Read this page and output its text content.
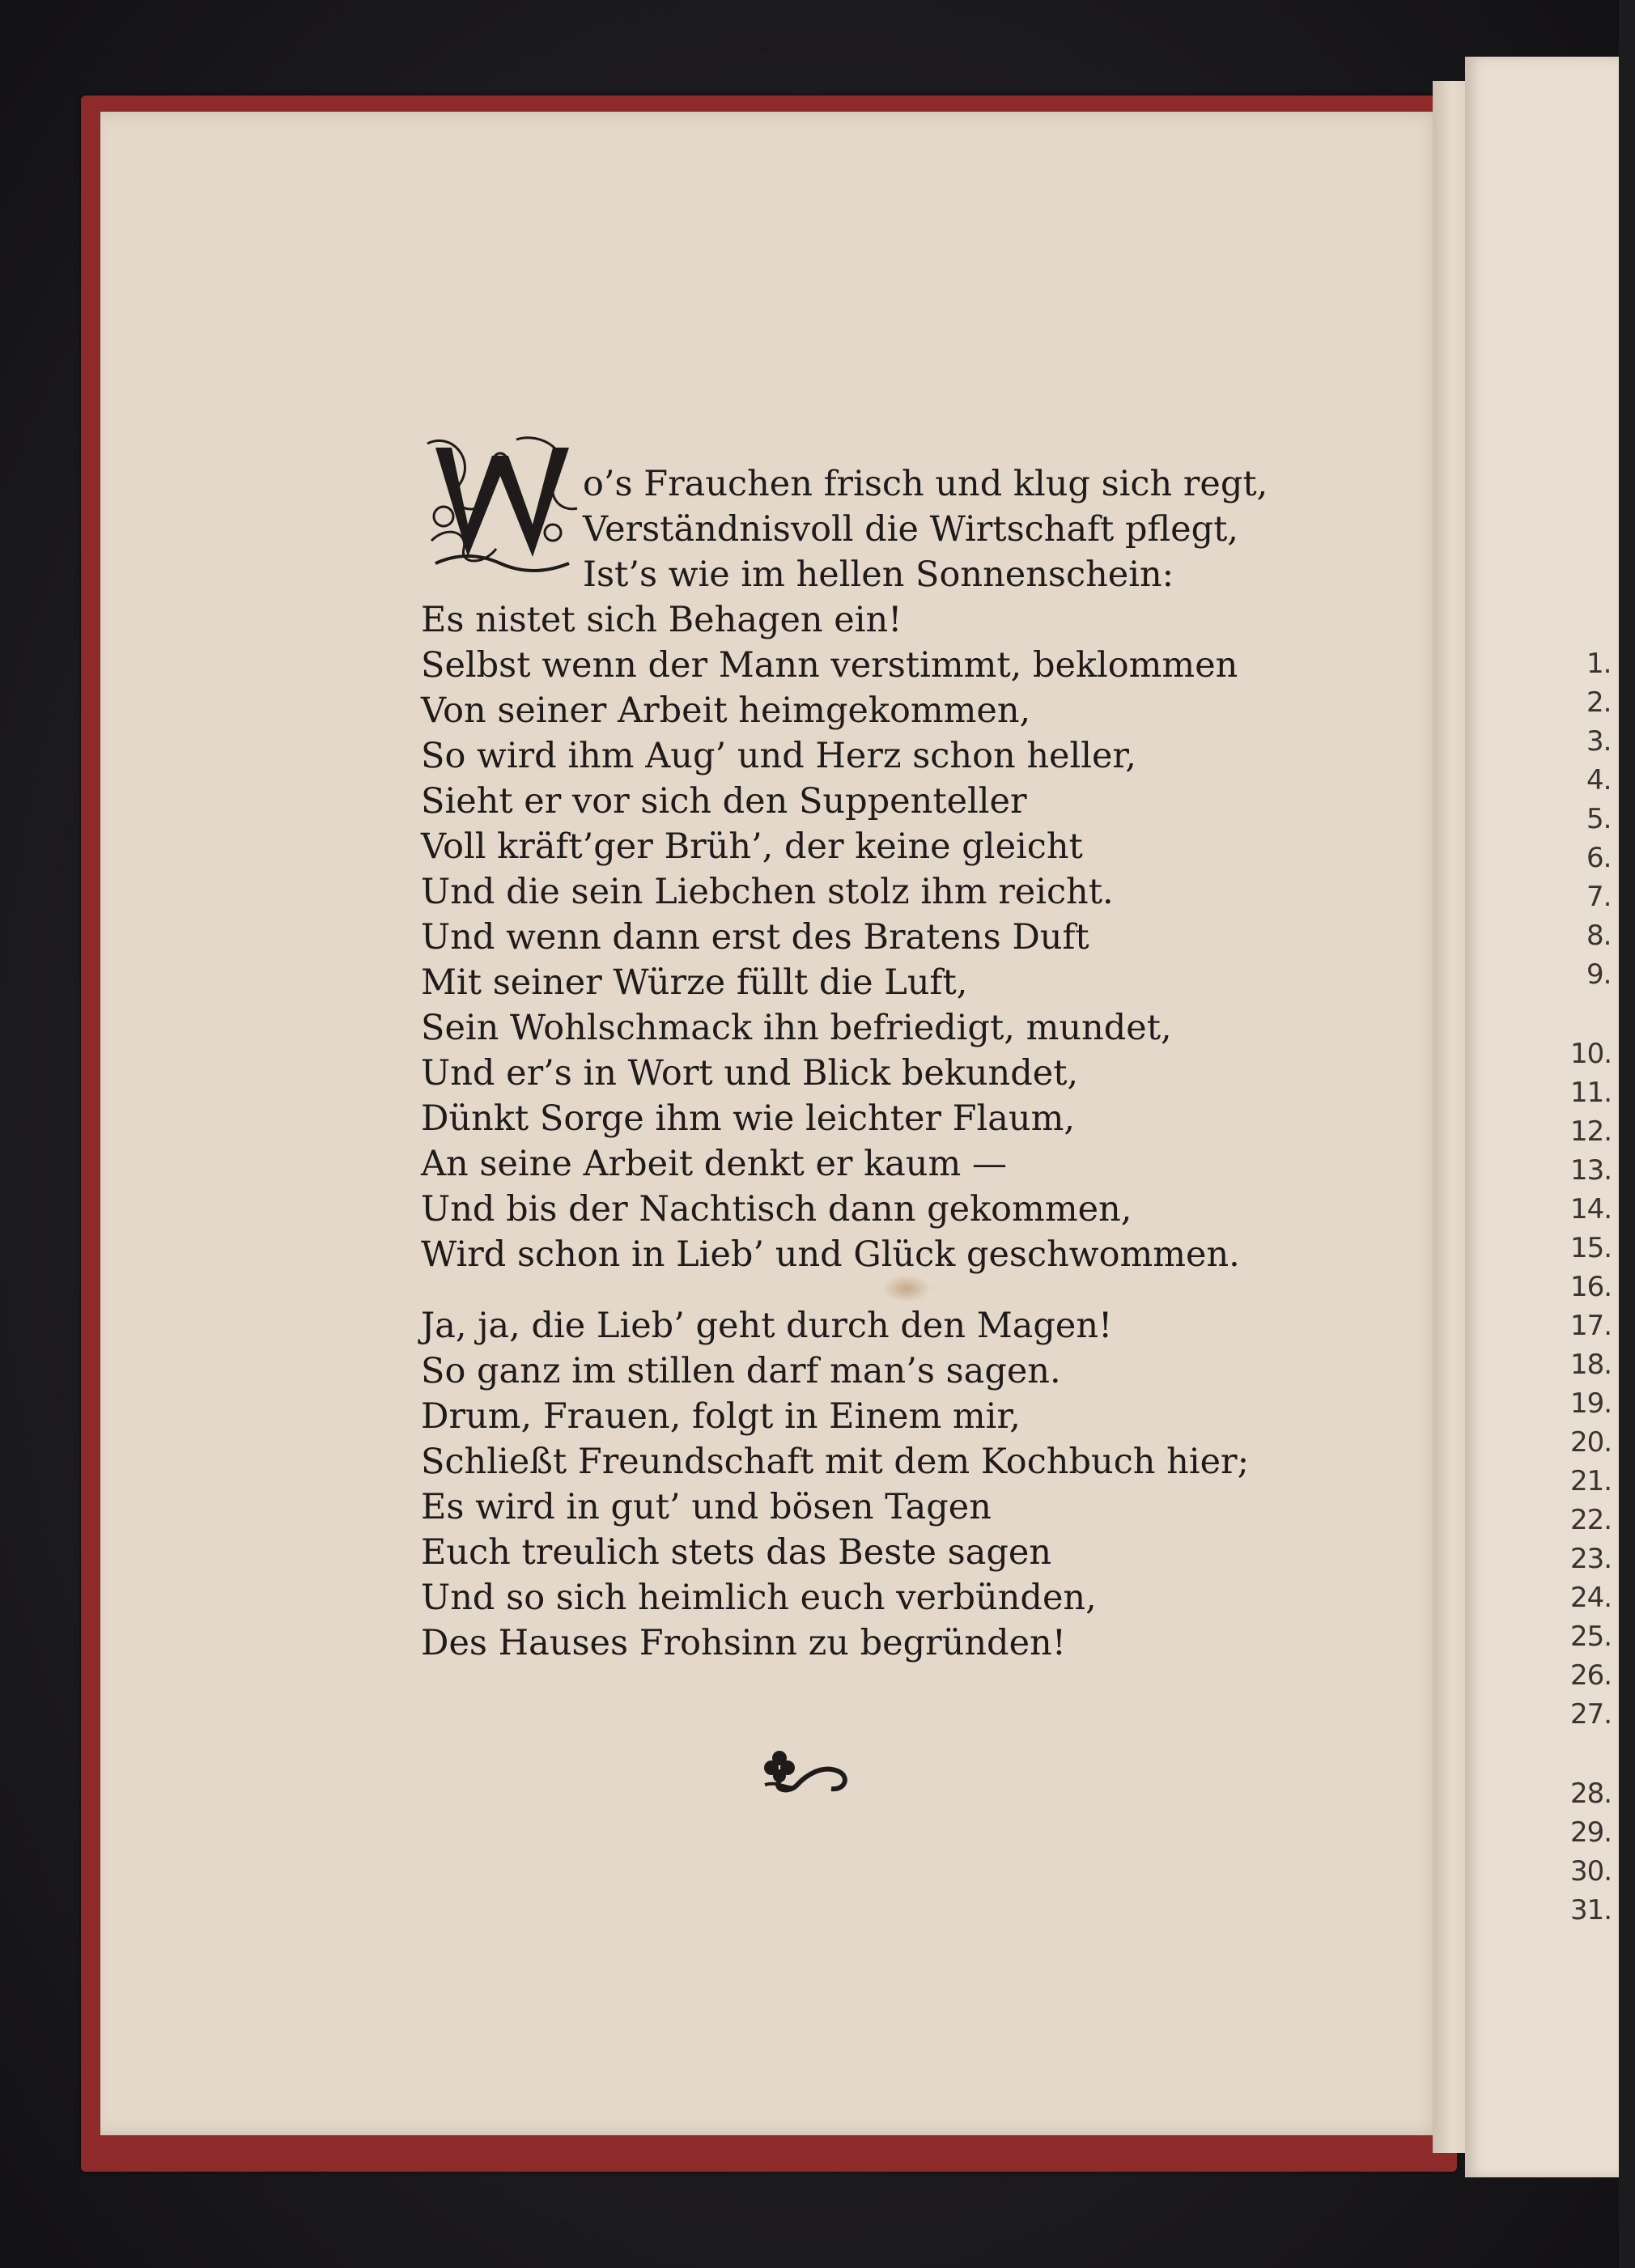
1.
2.
3.
4.
5.
6.
7.
8.
9.
10.
11.
12.
13.
14.
15.
16.
17.
18.
19.
20.
21.
22.
23.
24.
25.
26.
27.
28.
29.
30.
31.
W
o’s Frauchen frisch und klug sich regt,
Verständnisvoll die Wirtschaft pflegt,
Ist’s wie im hellen Sonnenschein:
Es nistet sich Behagen ein!
Selbst wenn der Mann verstimmt, beklommen
Von seiner Arbeit heimgekommen,
So wird ihm Aug’ und Herz schon heller,
Sieht er vor sich den Suppenteller
Voll kräft’ger Brüh’, der keine gleicht
Und die sein Liebchen stolz ihm reicht.
Und wenn dann erst des Bratens Duft
Mit seiner Würze füllt die Luft,
Sein Wohlschmack ihn befriedigt, mundet,
Und er’s in Wort und Blick bekundet,
Dünkt Sorge ihm wie leichter Flaum,
An seine Arbeit denkt er kaum —
Und bis der Nachtisch dann gekommen,
Wird schon in Lieb’ und Glück geschwommen.
Ja, ja, die Lieb’ geht durch den Magen!
So ganz im stillen darf man’s sagen.
Drum, Frauen, folgt in Einem mir,
Schließt Freundschaft mit dem Kochbuch hier;
Es wird in gut’ und bösen Tagen
Euch treulich stets das Beste sagen
Und so sich heimlich euch verbünden,
Des Hauses Frohsinn zu begründen!
